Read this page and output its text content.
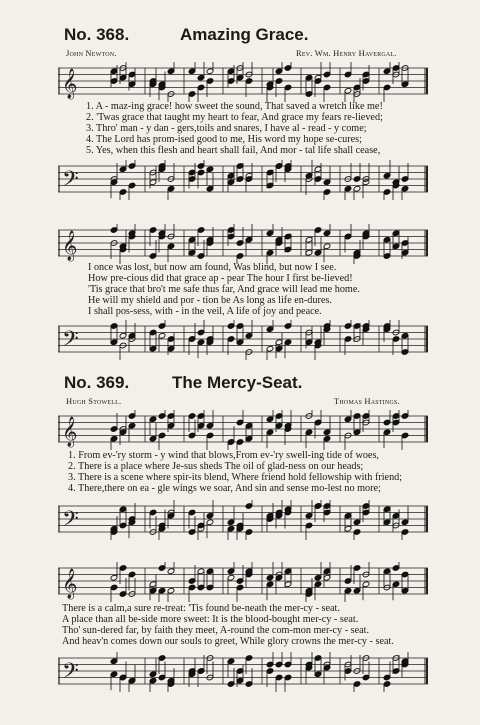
No. 368.	Amazing Grace.
John Newton.	Rev. Wm. Henry Havergal.
𝄞
1. A - maz-ing grace! how sweet the sound, That saved a wretch like me!
2. 'Twas grace that taught my heart to fear, And grace my fears re-lieved;
3. Thro' man - y dan - gers,toils and snares, I have al - read - y come;
4. The Lord has prom-ised good to me, His word my hope se-cures;
5. Yes, when this flesh and heart shall fail, And mor - tal life shall cease,
𝄢
𝄞
I once was lost, but now am found, Was blind, but now I see.
How pre-cious did that grace ap - pear The hour I first be-lieved!
'Tis grace that bro't me safe thus far, And grace will lead me home.
He will my shield and por - tion be As long as life en-dures.
I shall pos-sess, with - in the veil, A life of joy and peace.
𝄢
No. 369.	The Mercy-Seat.
Hugh Stowell.	Thomas Hastings.
𝄞
1. From ev-'ry storm - y wind that blows,From ev-'ry swell-ing tide of woes,
2. There is a place where Je-sus sheds The oil of glad-ness on our heads;
3. There is a scene where spir-its blend, Where friend hold fellowship with friend;
4. There,there on ea - gle wings we soar, And sin and sense mo-lest no more;
𝄢
𝄞
There is a calm,a sure re-treat: 'Tis found be-neath the mer-cy - seat.
A place than all be-side more sweet: It is the blood-bought mer-cy - seat.
Tho' sun-dered far, by faith they meet, A-round the com-mon mer-cy - seat.
And heav'n comes down our souls to greet, While glory crowns the mer-cy - seat.
𝄢
